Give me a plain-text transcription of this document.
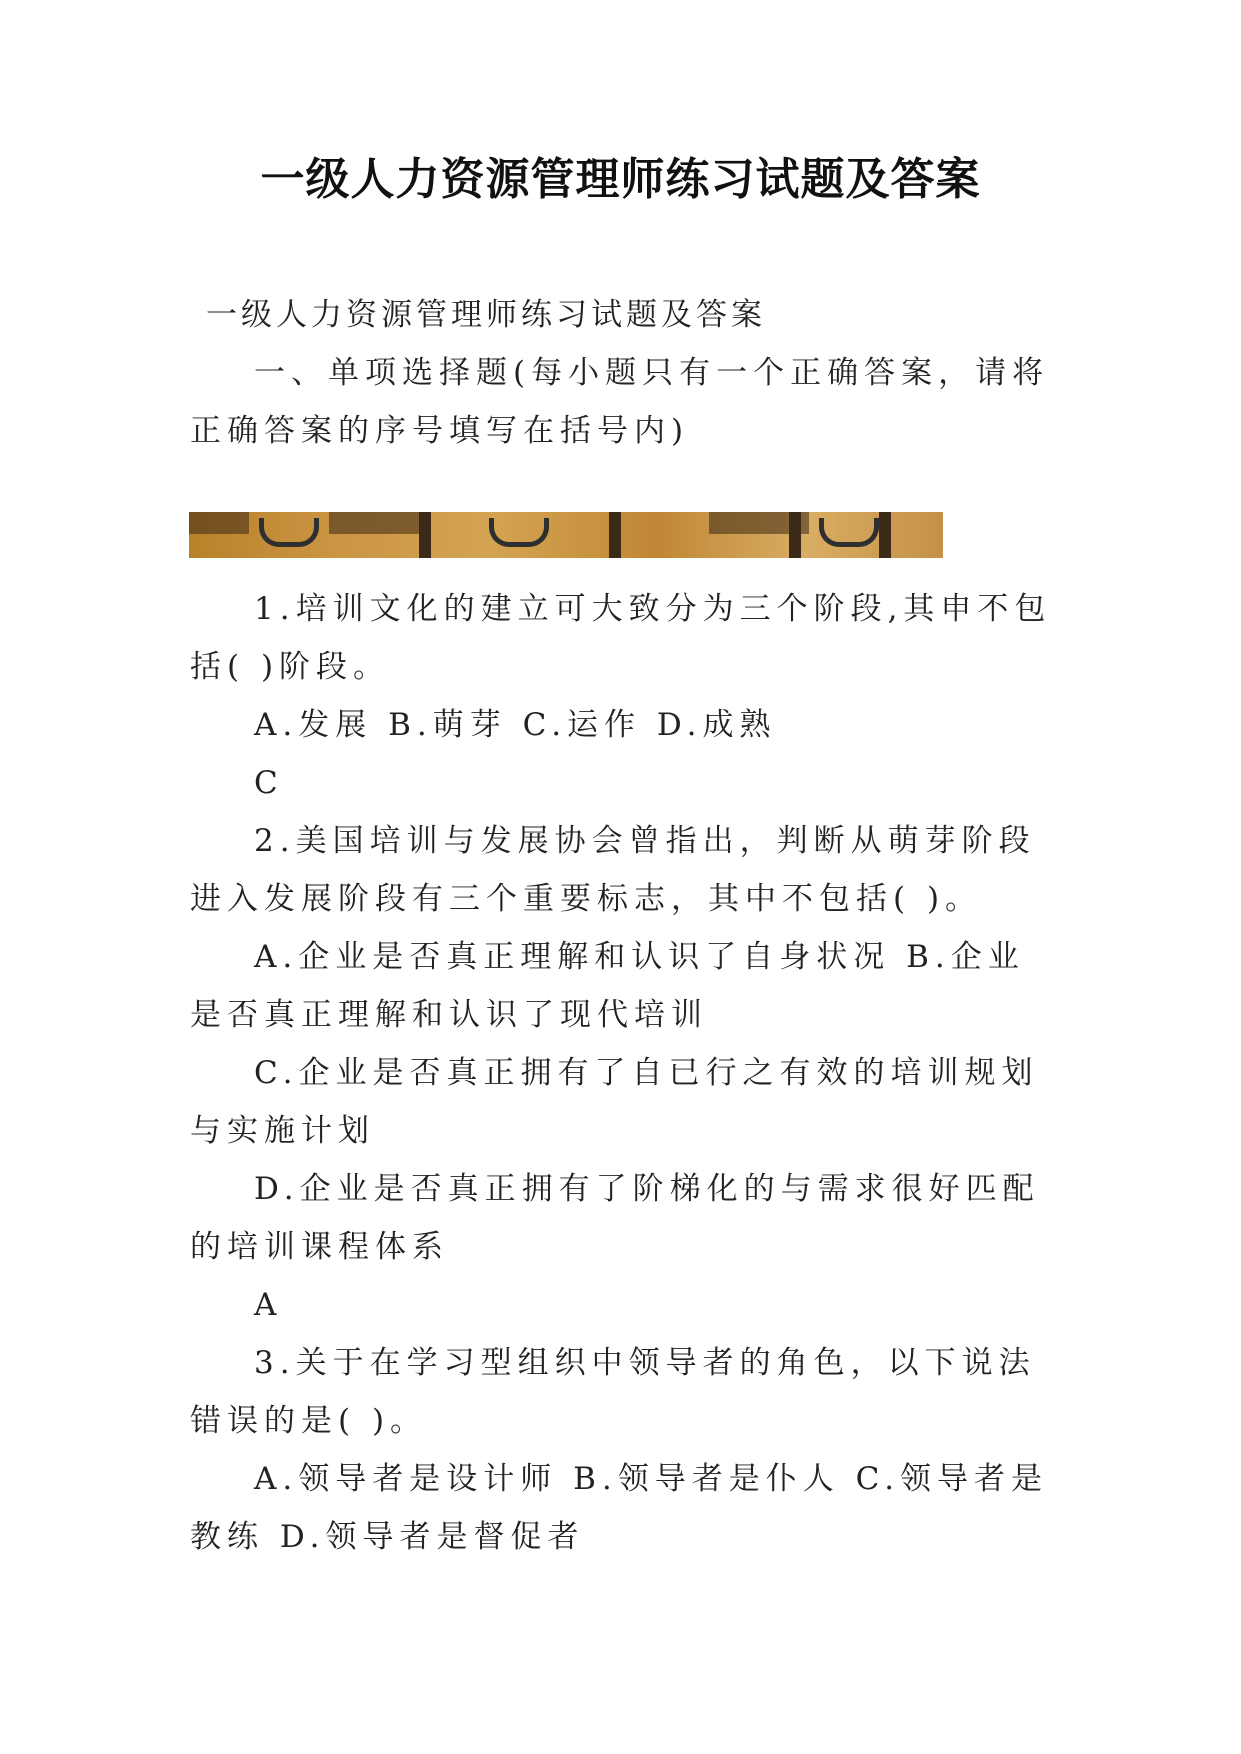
一级人力资源管理师练习试题及答案

一级人力资源管理师练习试题及答案

一、单项选择题(每小题只有一个正确答案，请将正确答案的序号填写在括号内)

1.培训文化的建立可大致分为三个阶段,其申不包括( )阶段。

A.发展 B.萌芽 C.运作 D.成熟

C

2.美国培训与发展协会曾指出，判断从萌芽阶段进入发展阶段有三个重要标志，其中不包括( )。

A.企业是否真正理解和认识了自身状况 B.企业是否真正理解和认识了现代培训

C.企业是否真正拥有了自已行之有效的培训规划与实施计划

D.企业是否真正拥有了阶梯化的与需求很好匹配的培训课程体系

A

3.关于在学习型组织中领导者的角色，以下说法错误的是( )。

A.领导者是设计师 B.领导者是仆人 C.领导者是教练 D.领导者是督促者
